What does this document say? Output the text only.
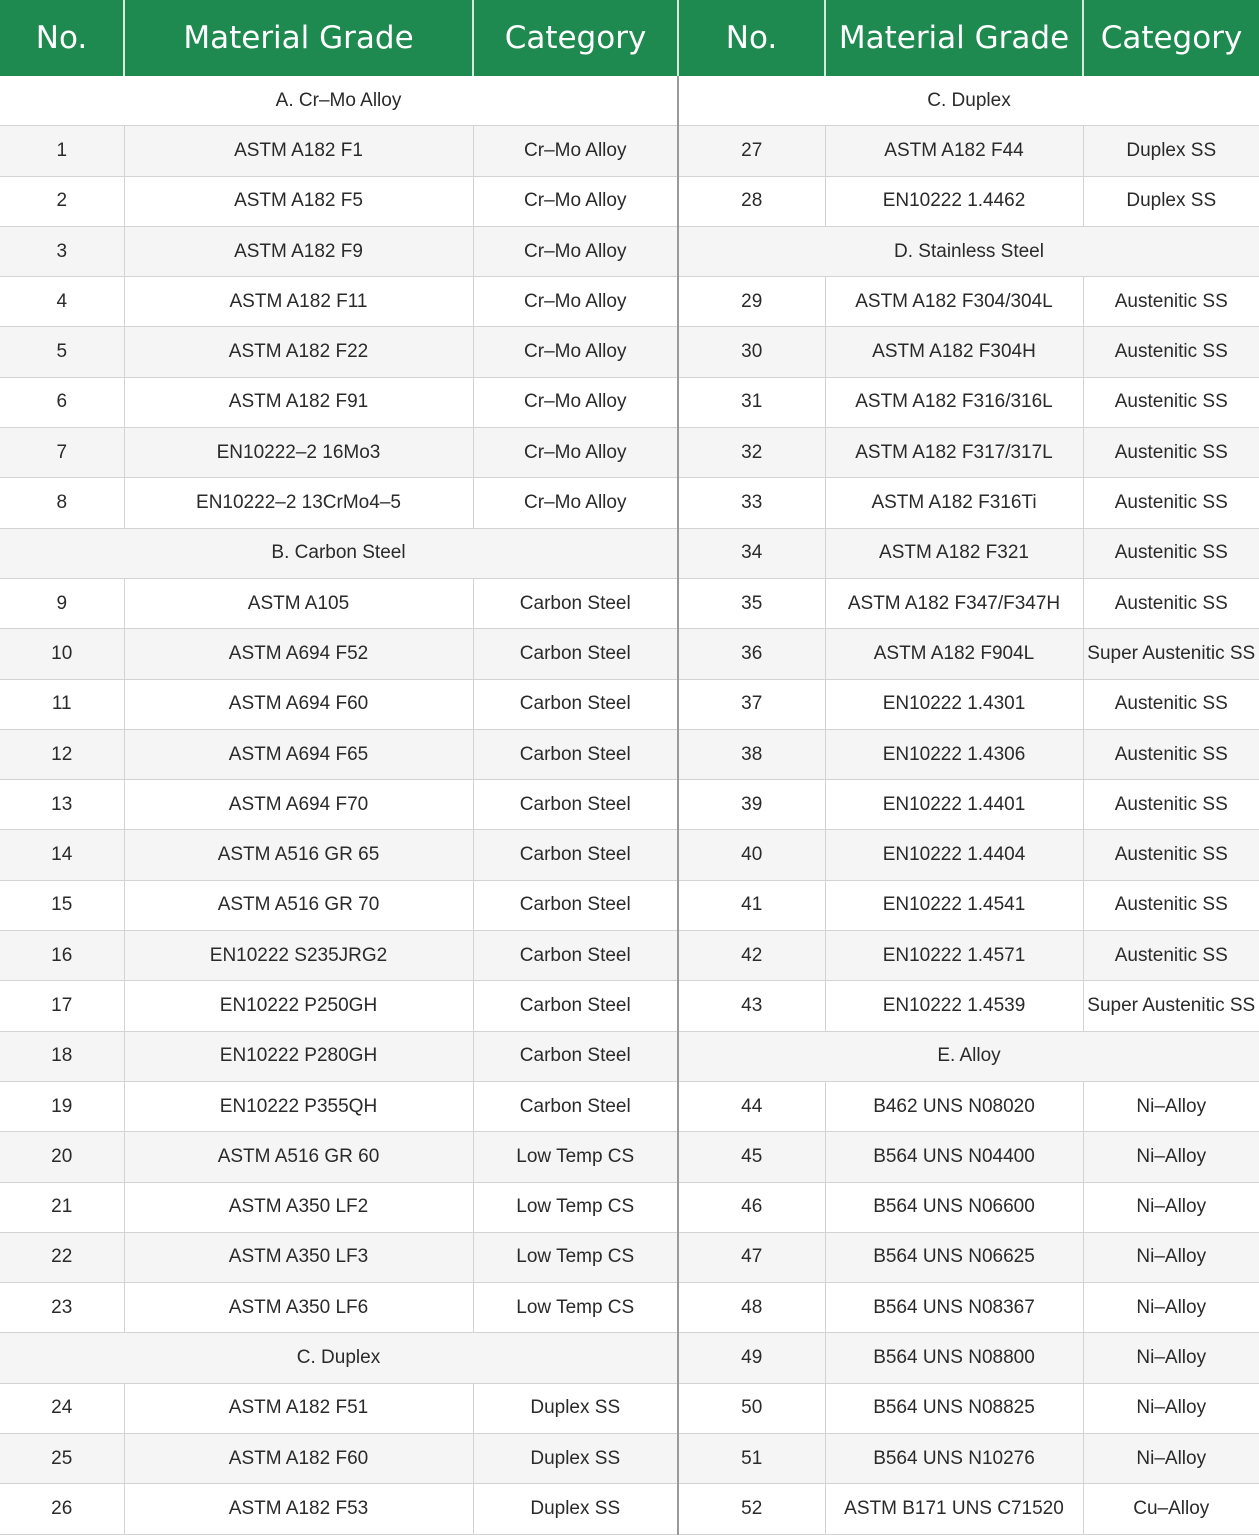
No.	Material Grade	Category	No.	Material Grade	Category
A. Cr–Mo Alloy			C. Duplex		
1	ASTM A182 F1	Cr–Mo Alloy	27	ASTM A182 F44	Duplex SS
2	ASTM A182 F5	Cr–Mo Alloy	28	EN10222 1.4462	Duplex SS
3	ASTM A182 F9	Cr–Mo Alloy	D. Stainless Steel		
4	ASTM A182 F11	Cr–Mo Alloy	29	ASTM A182 F304/304L	Austenitic SS
5	ASTM A182 F22	Cr–Mo Alloy	30	ASTM A182 F304H	Austenitic SS
6	ASTM A182 F91	Cr–Mo Alloy	31	ASTM A182 F316/316L	Austenitic SS
7	EN10222–2 16Mo3	Cr–Mo Alloy	32	ASTM A182 F317/317L	Austenitic SS
8	EN10222–2 13CrMo4–5	Cr–Mo Alloy	33	ASTM A182 F316Ti	Austenitic SS
B. Carbon Steel			34	ASTM A182 F321	Austenitic SS
9	ASTM A105	Carbon Steel	35	ASTM A182 F347/F347H	Austenitic SS
10	ASTM A694 F52	Carbon Steel	36	ASTM A182 F904L	Super Austenitic SS
11	ASTM A694 F60	Carbon Steel	37	EN10222 1.4301	Austenitic SS
12	ASTM A694 F65	Carbon Steel	38	EN10222 1.4306	Austenitic SS
13	ASTM A694 F70	Carbon Steel	39	EN10222 1.4401	Austenitic SS
14	ASTM A516 GR 65	Carbon Steel	40	EN10222 1.4404	Austenitic SS
15	ASTM A516 GR 70	Carbon Steel	41	EN10222 1.4541	Austenitic SS
16	EN10222 S235JRG2	Carbon Steel	42	EN10222 1.4571	Austenitic SS
17	EN10222 P250GH	Carbon Steel	43	EN10222 1.4539	Super Austenitic SS
18	EN10222 P280GH	Carbon Steel	E. Alloy		
19	EN10222 P355QH	Carbon Steel	44	B462 UNS N08020	Ni–Alloy
20	ASTM A516 GR 60	Low Temp CS	45	B564 UNS N04400	Ni–Alloy
21	ASTM A350 LF2	Low Temp CS	46	B564 UNS N06600	Ni–Alloy
22	ASTM A350 LF3	Low Temp CS	47	B564 UNS N06625	Ni–Alloy
23	ASTM A350 LF6	Low Temp CS	48	B564 UNS N08367	Ni–Alloy
C. Duplex			49	B564 UNS N08800	Ni–Alloy
24	ASTM A182 F51	Duplex SS	50	B564 UNS N08825	Ni–Alloy
25	ASTM A182 F60	Duplex SS	51	B564 UNS N10276	Ni–Alloy
26	ASTM A182 F53	Duplex SS	52	ASTM B171 UNS C71520	Cu–Alloy
